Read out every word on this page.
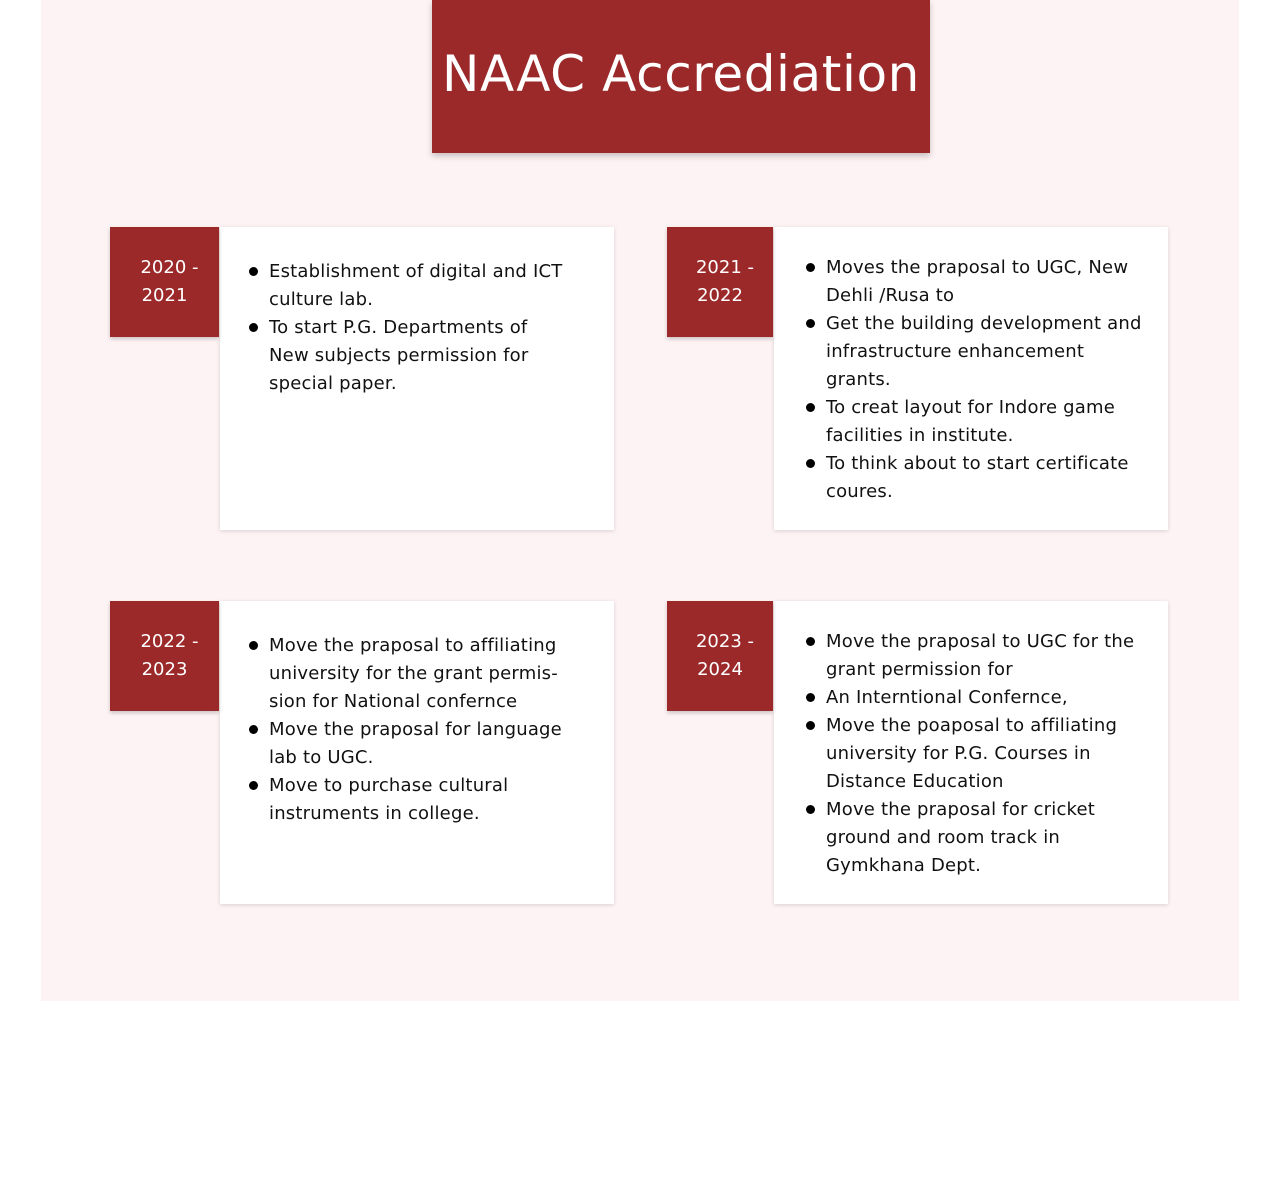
NAAC Accrediation
2020 -
2021
Establishment of digital and ICT culture lab.
To start P.G. Departments of New subjects permission for special paper.
2021 -
2022
Moves the praposal to UGC, New Dehli /Rusa to
Get the building development and infrastructure enhancement grants.
To creat layout for Indore game facilities in institute.
To think about to start certificate coures.
2022 -
2023
Move the praposal to affiliating university for the grant permission for National confernce
Move the praposal for language lab to UGC.
Move to purchase cultural instruments in college.
2023 -
2024
Move the praposal to UGC for the grant permission for
An Interntional Confernce,
Move the poaposal to affiliating university for P.G. Courses in Distance Education
Move the praposal for cricket ground and room track in Gymkhana Dept.
